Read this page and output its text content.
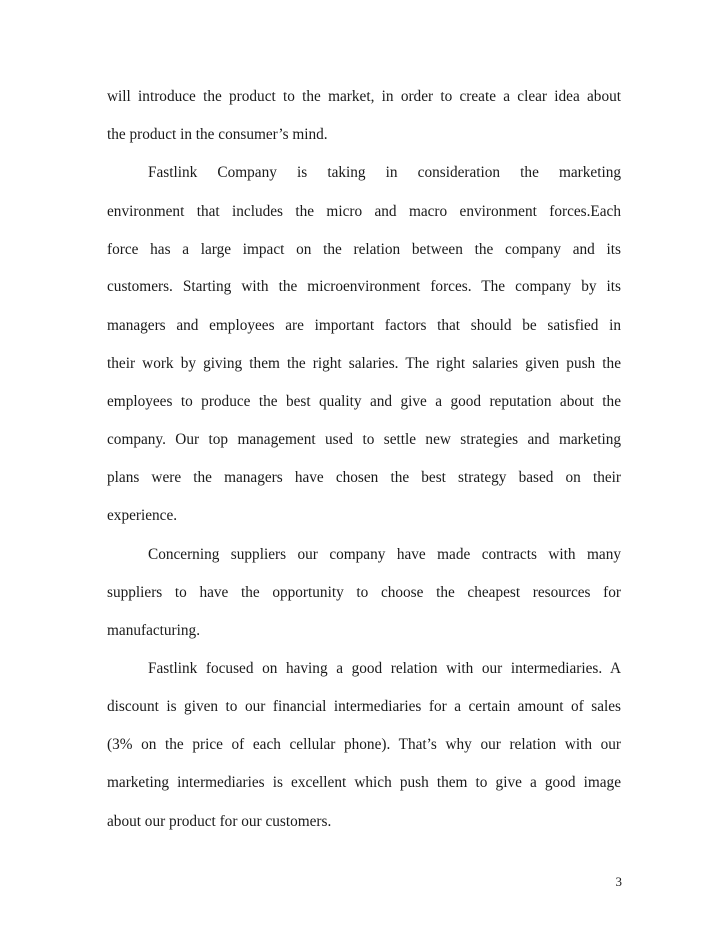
will introduce the product to the market, in order to create a clear idea about
the product in the consumer’s mind.
Fastlink Company is taking in consideration the marketing
environment that includes the micro and macro environment forces.Each
force has a large impact on the relation between the company and its
customers. Starting with the microenvironment forces. The company by its
managers and employees are important factors that should be satisfied in
their work by giving them the right salaries. The right salaries given push the
employees to produce the best quality and give a good reputation about the
company. Our top management used to settle new strategies and marketing
plans were the managers have chosen the best strategy based on their
experience.
Concerning suppliers our company have made contracts with many
suppliers to have the opportunity to choose the cheapest resources for
manufacturing.
Fastlink focused on having a good relation with our intermediaries. A
discount is given to our financial intermediaries for a certain amount of sales
(3% on the price of each cellular phone). That’s why our relation with our
marketing intermediaries is excellent which push them to give a good image
about our product for our customers.
3
